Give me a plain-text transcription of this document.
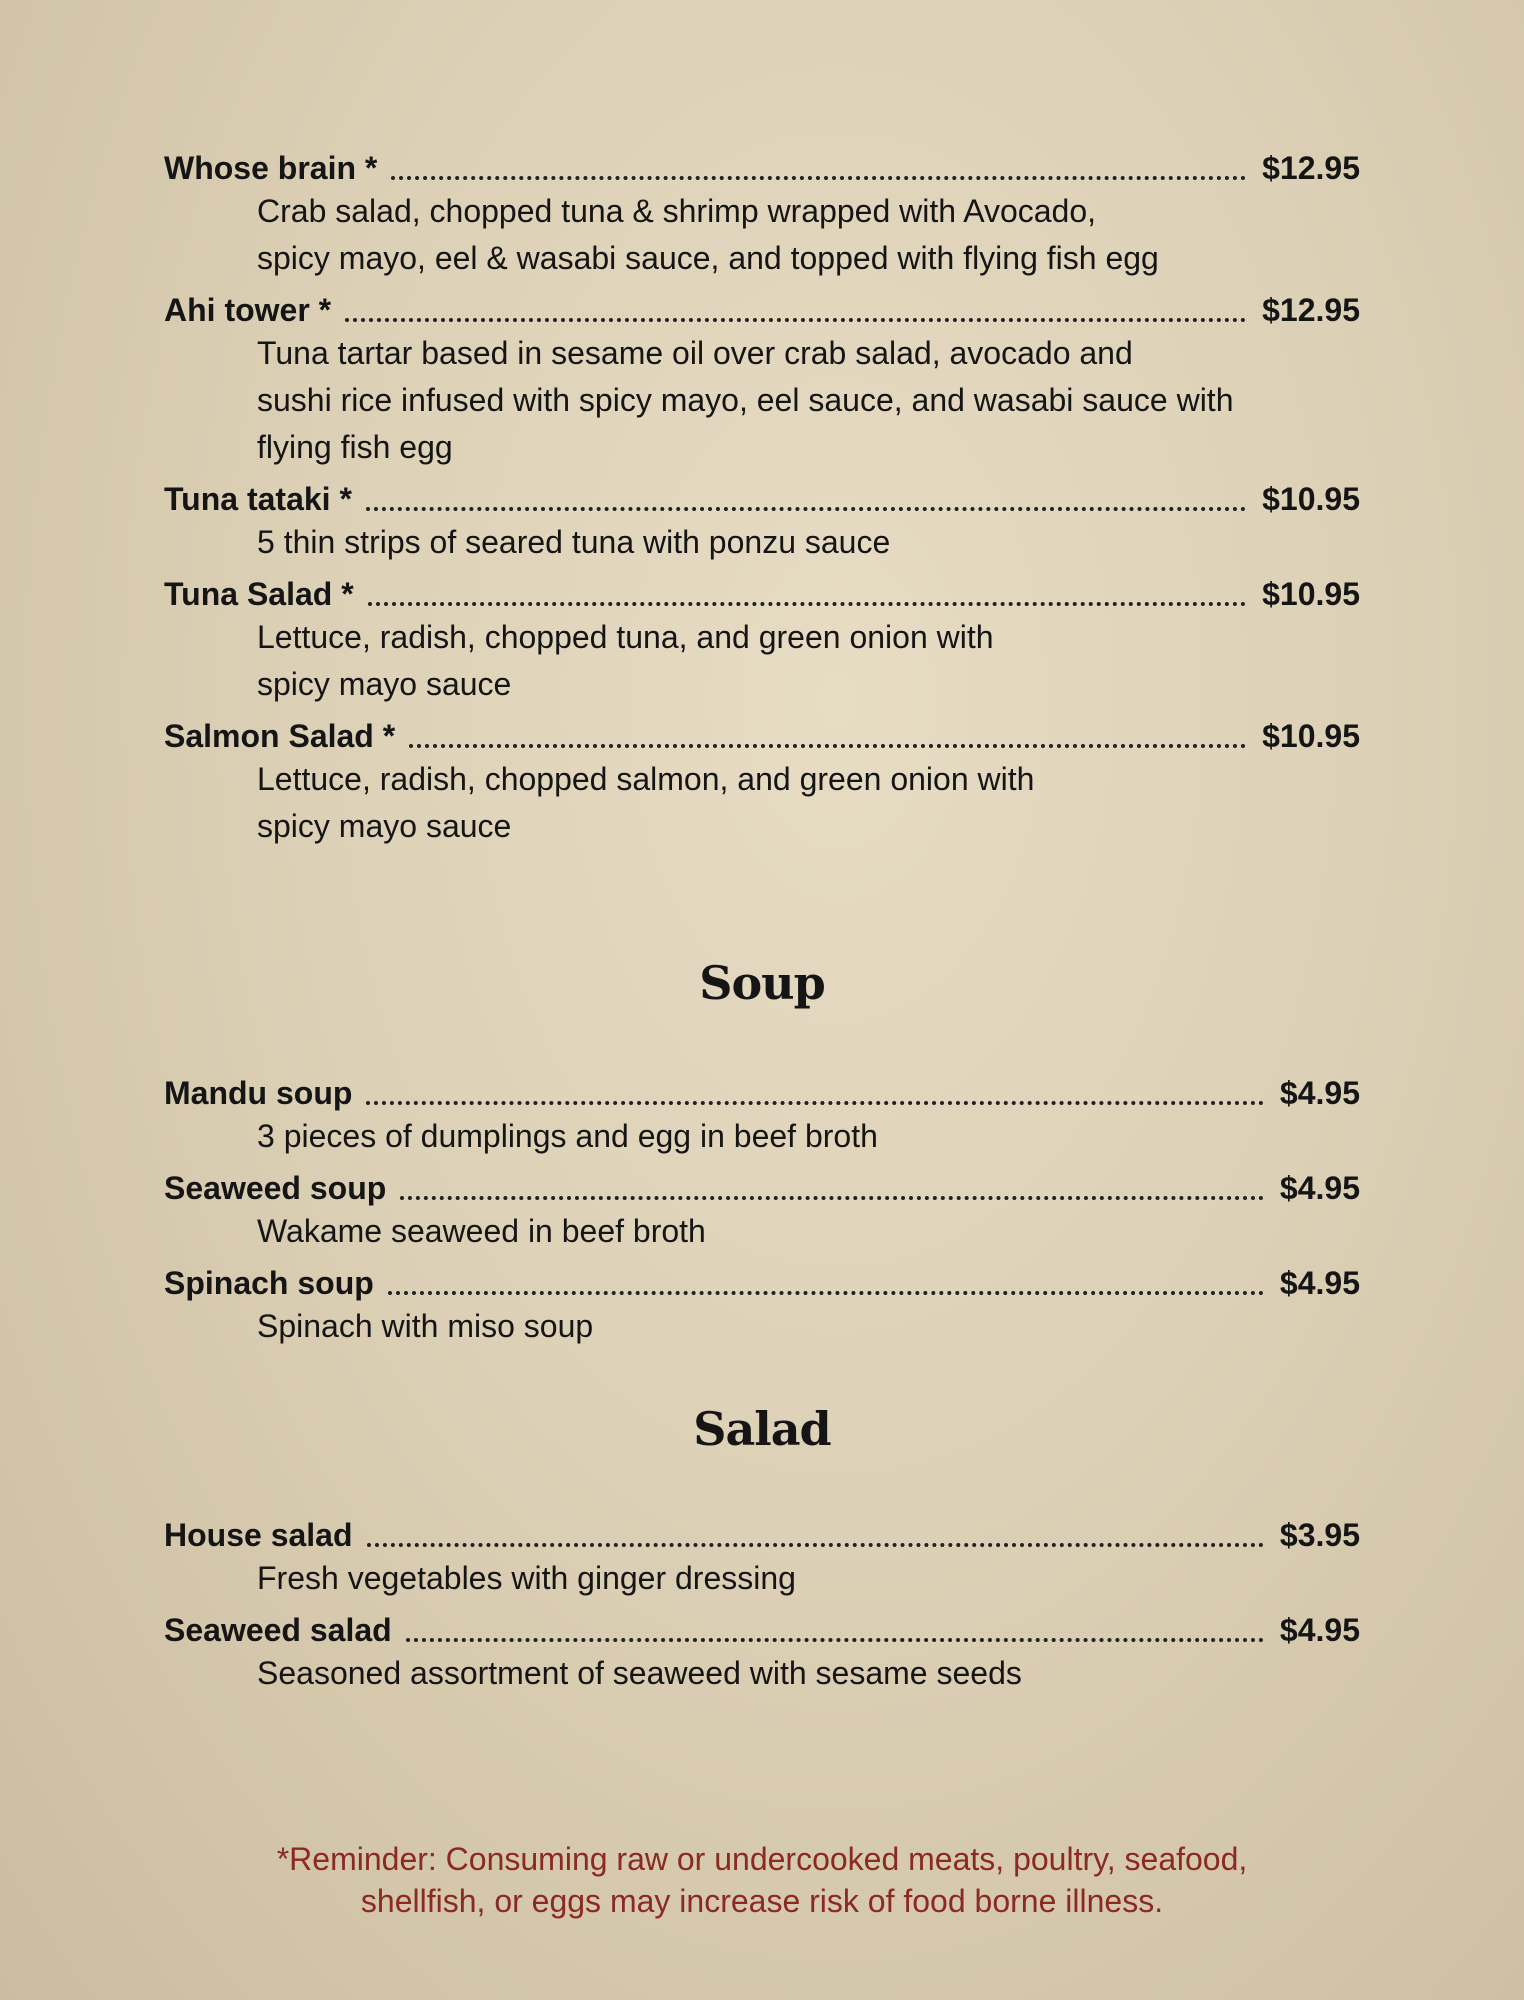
Whose brain *	$12.95
Crab salad, chopped tuna & shrimp wrapped with Avocado,
spicy mayo, eel & wasabi sauce, and topped with flying fish egg
Ahi tower *	$12.95
Tuna tartar based in sesame oil over crab salad, avocado and
sushi rice infused with spicy mayo, eel sauce, and wasabi sauce with
flying fish egg
Tuna tataki *	$10.95
5 thin strips of seared tuna with ponzu sauce
Tuna Salad *	$10.95
Lettuce, radish, chopped tuna, and green onion with
spicy mayo sauce
Salmon Salad *	$10.95
Lettuce, radish, chopped salmon, and green onion with
spicy mayo sauce
Soup
Mandu soup	$4.95
3 pieces of dumplings and egg in beef broth
Seaweed soup	$4.95
Wakame seaweed in beef broth
Spinach soup	$4.95
Spinach with miso soup
Salad
House salad	$3.95
Fresh vegetables with ginger dressing
Seaweed salad	$4.95
Seasoned assortment of seaweed with sesame seeds
*Reminder: Consuming raw or undercooked meats, poultry, seafood,
shellfish, or eggs may increase risk of food borne illness.
